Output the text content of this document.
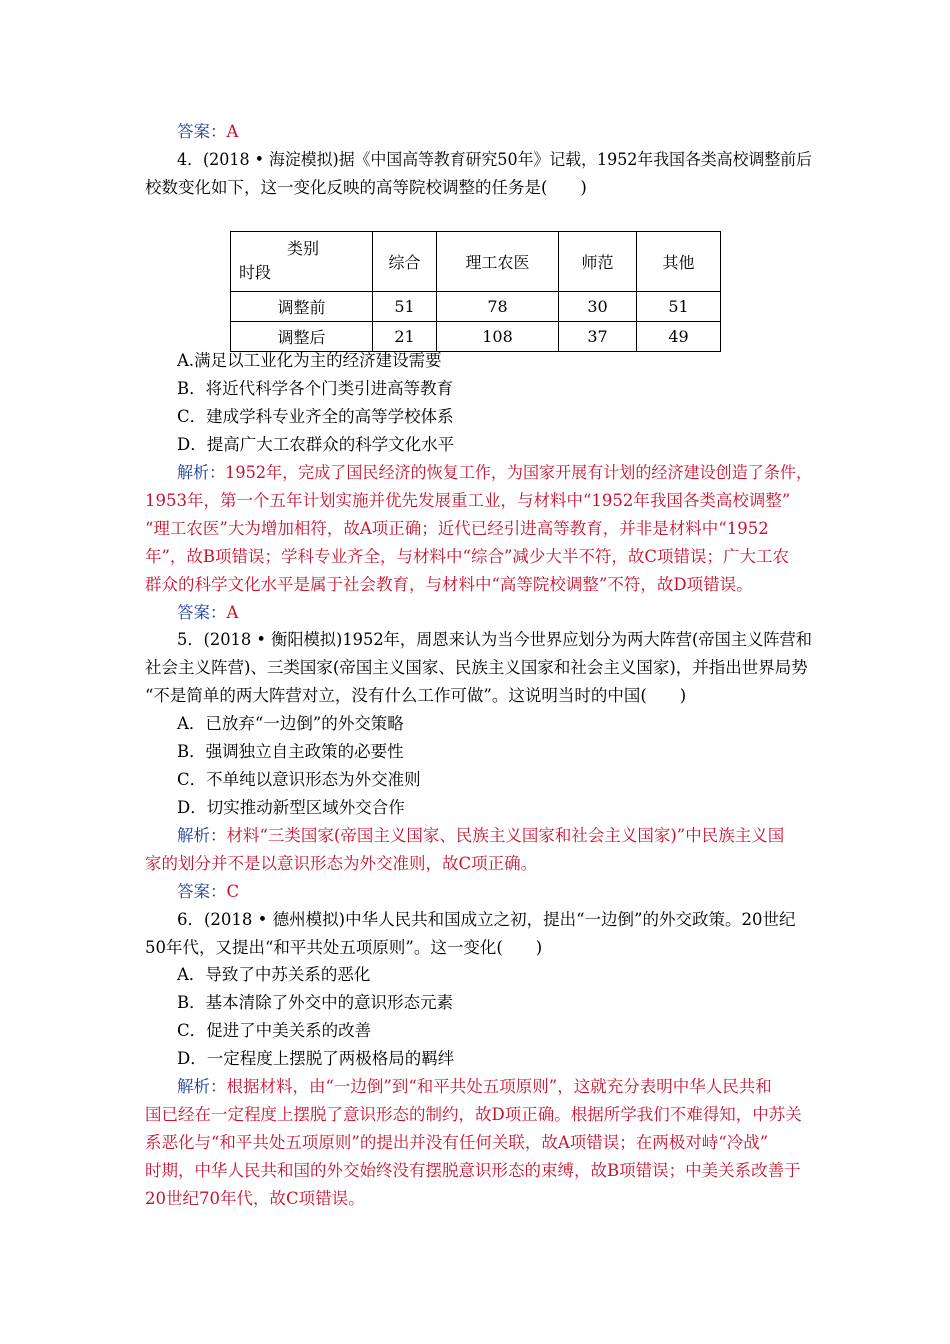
答案：A
4．(2018 • 海淀模拟)据《中国高等教育研究50年》记载，1952年我国各类高校调整前后
校数变化如下，这一变化反映的高等院校调整的任务是(　　)
类别
时段	综合	理工农医	师范	其他
调整前	51	78	30	51
调整后	21	108	37	49
A.满足以工业化为主的经济建设需要
B．将近代科学各个门类引进高等教育
C．建成学科专业齐全的高等学校体系
D．提高广大工农群众的科学文化水平
解析：1952年，完成了国民经济的恢复工作，为国家开展有计划的经济建设创造了条件，
1953年，第一个五年计划实施并优先发展重工业，与材料中“1952年我国各类高校调整”
“理工农医”大为增加相符，故A项正确；近代已经引进高等教育，并非是材料中“1952
年”，故B项错误；学科专业齐全，与材料中“综合”减少大半不符，故C项错误；广大工农
群众的科学文化水平是属于社会教育，与材料中“高等院校调整”不符，故D项错误。
答案：A
5．(2018 • 衡阳模拟)1952年，周恩来认为当今世界应划分为两大阵营(帝国主义阵营和
社会主义阵营)、三类国家(帝国主义国家、民族主义国家和社会主义国家)，并指出世界局势
“不是简单的两大阵营对立，没有什么工作可做”。这说明当时的中国(　　)
A．已放弃“一边倒”的外交策略
B．强调独立自主政策的必要性
C．不单纯以意识形态为外交准则
D．切实推动新型区域外交合作
解析：材料“三类国家(帝国主义国家、民族主义国家和社会主义国家)”中民族主义国
家的划分并不是以意识形态为外交准则，故C项正确。
答案：C
6．(2018 • 德州模拟)中华人民共和国成立之初，提出“一边倒”的外交政策。20世纪
50年代，又提出“和平共处五项原则”。这一变化(　　)
A．导致了中苏关系的恶化
B．基本清除了外交中的意识形态元素
C．促进了中美关系的改善
D．一定程度上摆脱了两极格局的羁绊
解析：根据材料，由“一边倒”到“和平共处五项原则”，这就充分表明中华人民共和
国已经在一定程度上摆脱了意识形态的制约，故D项正确。根据所学我们不难得知，中苏关
系恶化与“和平共处五项原则”的提出并没有任何关联，故A项错误；在两极对峙“冷战”
时期，中华人民共和国的外交始终没有摆脱意识形态的束缚，故B项错误；中美关系改善于
20世纪70年代，故C项错误。
